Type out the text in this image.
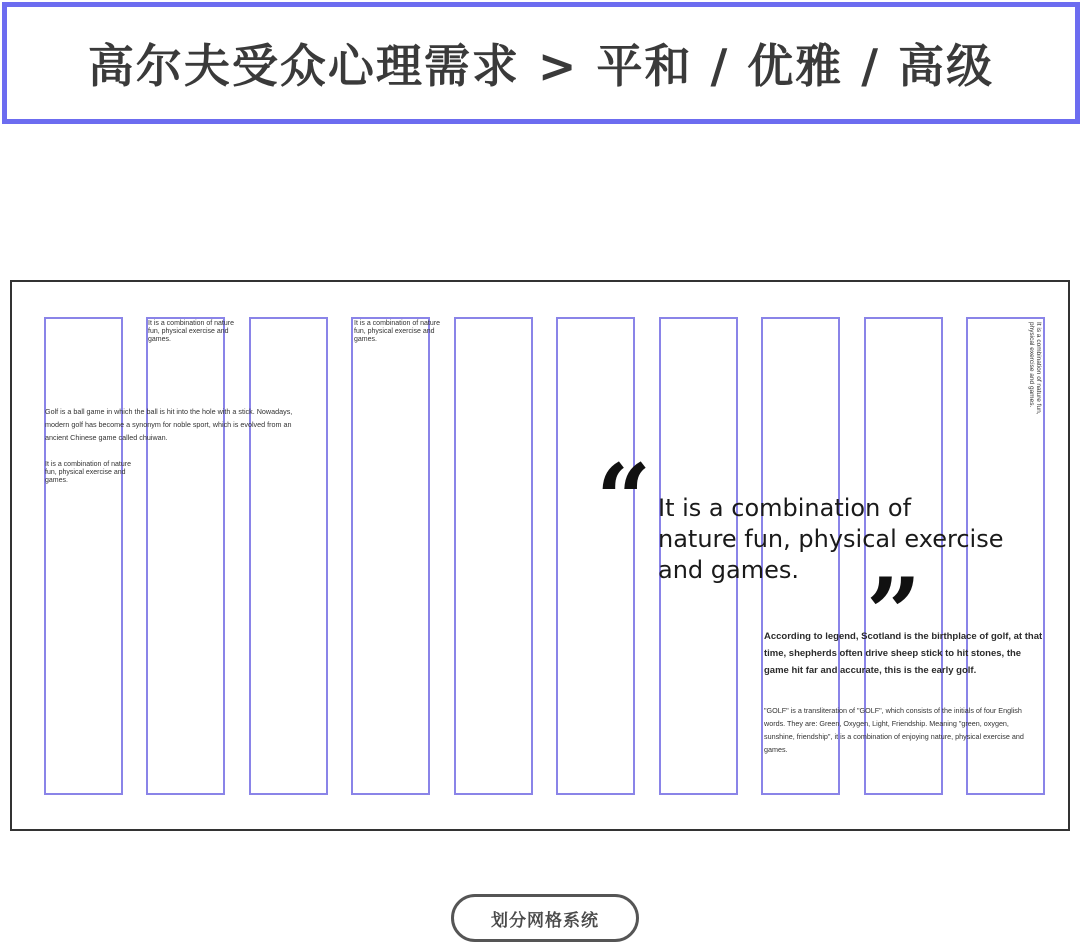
高尔夫受众心理需求 > 平和 / 优雅 / 高级
It is a combination of nature fun, physical exercise and games.
It is a combination of nature fun, physical exercise and games.
It is a combination of nature fun, physical exercise and games.
It is a combination of nature fun, physical exercise and games.
Golf is a ball game in which the ball is hit into the hole with a stick. Nowadays, modern golf has become a synonym for noble sport, which is evolved from an ancient Chinese game called chuiwan.
“ It is a combination of
nature fun, physical exercise
and games. ”
According to legend, Scotland is the birthplace of golf, at that time, shepherds often drive sheep stick to hit stones, the game hit far and accurate, this is the early golf.
"GOLF" is a transliteration of "GOLF", which consists of the initials of four English words. They are: Green, Oxygen, Light, Friendship. Meaning "green, oxygen, sunshine, friendship", it is a combination of enjoying nature, physical exercise and games.
划分网格系统
